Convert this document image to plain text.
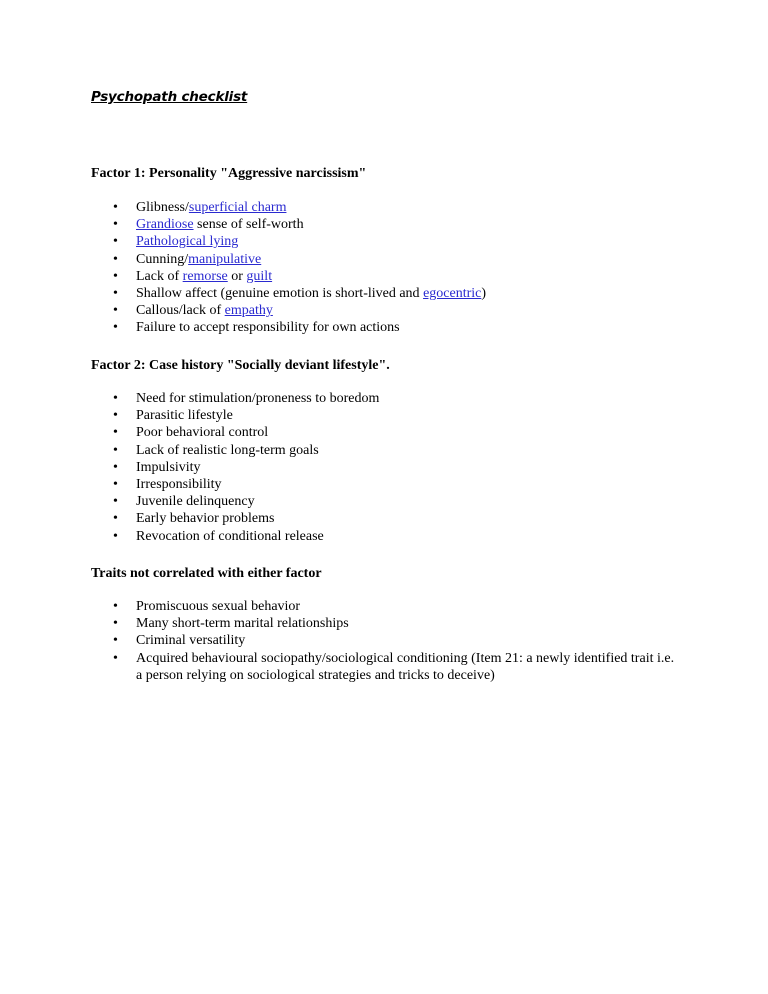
Psychopath checklist
Factor 1: Personality "Aggressive narcissism"
• Glibness/superficial charm
• Grandiose sense of self-worth
• Pathological lying
• Cunning/manipulative
• Lack of remorse or guilt
• Shallow affect (genuine emotion is short-lived and egocentric)
• Callous/lack of empathy
• Failure to accept responsibility for own actions
Factor 2: Case history "Socially deviant lifestyle".
• Need for stimulation/proneness to boredom
• Parasitic lifestyle
• Poor behavioral control
• Lack of realistic long-term goals
• Impulsivity
• Irresponsibility
• Juvenile delinquency
• Early behavior problems
• Revocation of conditional release
Traits not correlated with either factor
• Promiscuous sexual behavior
• Many short-term marital relationships
• Criminal versatility
• Acquired behavioural sociopathy/sociological conditioning (Item 21: a newly identified trait i.e. a person relying on sociological strategies and tricks to deceive)
